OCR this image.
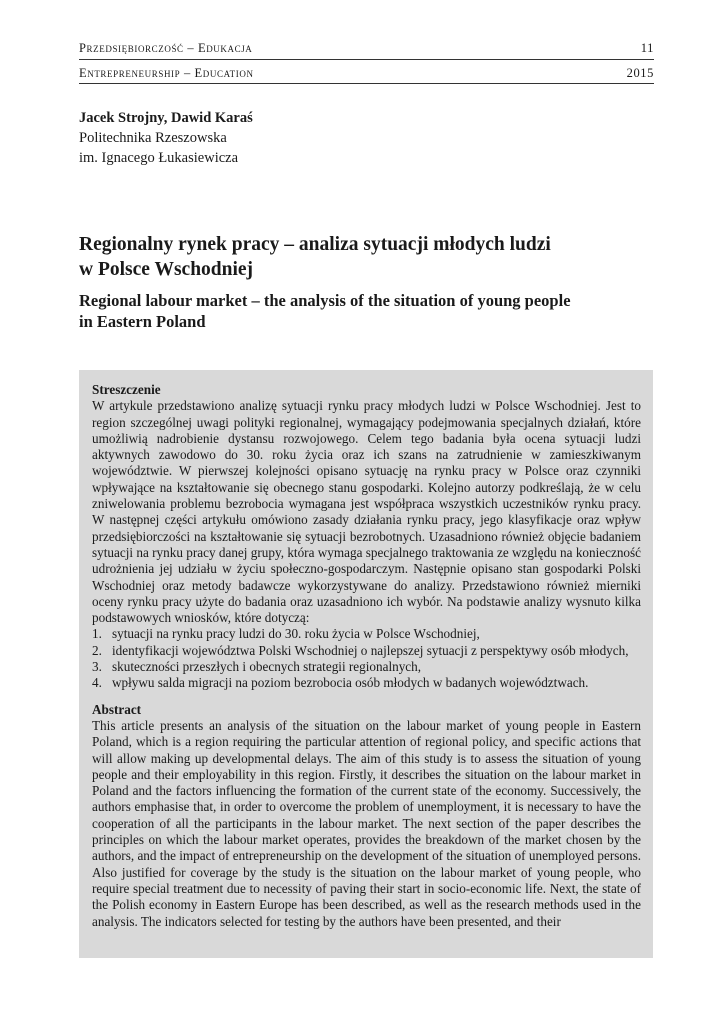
Przedsiębiorczość – Edukacja	11
Entrepreneurship – Education	2015
Jacek Strojny, Dawid Karaś
Politechnika Rzeszowska
im. Ignacego Łukasiewicza
Regionalny rynek pracy – analiza sytuacji młodych ludzi
w Polsce Wschodniej
Regional labour market – the analysis of the situation of young people
in Eastern Poland
Streszczenie

W artykule przedstawiono analizę sytuacji rynku pracy młodych ludzi w Polsce Wschodniej. Jest to region szczególnej uwagi polityki regionalnej, wymagający podejmowania specjalnych działań, które umożliwią nadrobienie dystansu rozwojowego. Celem tego badania była ocena sytuacji ludzi aktywnych zawodowo do 30. roku życia oraz ich szans na zatrudnienie w zamieszkiwanym województwie. W pierwszej kolejności opisano sytuację na rynku pracy w Polsce oraz czynniki wpływające na kształtowanie się obecnego stanu gospodarki. Kolejno autorzy podkreślają, że w celu zniwelowania problemu bezrobocia wymagana jest współpraca wszystkich uczestników rynku pracy. W następnej części artykułu omówiono zasady działania rynku pracy, jego klasyfikacje oraz wpływ przedsiębiorczości na kształtowanie się sytuacji bezrobotnych. Uzasadniono również objęcie badaniem sytuacji na rynku pracy danej grupy, która wymaga specjalnego traktowania ze względu na konieczność udrożnienia jej udziału w życiu społeczno-gospodarczym. Następnie opisano stan gospodarki Polski Wschodniej oraz metody badawcze wykorzystywane do analizy. Przedstawiono również mierniki oceny rynku pracy użyte do badania oraz uzasadniono ich wybór. Na podstawie analizy wysnuto kilka podstawowych wniosków, które dotyczą:

1. sytuacji na rynku pracy ludzi do 30. roku życia w Polsce Wschodniej,
2. identyfikacji województwa Polski Wschodniej o najlepszej sytuacji z perspektywy osób młodych,
3. skuteczności przeszłych i obecnych strategii regionalnych,
4. wpływu salda migracji na poziom bezrobocia osób młodych w badanych województwach.
Abstract

This article presents an analysis of the situation on the labour market of young people in Eastern Poland, which is a region requiring the particular attention of regional policy, and specific actions that will allow making up developmental delays. The aim of this study is to assess the situation of young people and their employability in this region. Firstly, it describes the situation on the labour market in Poland and the factors influencing the formation of the current state of the economy. Successively, the authors emphasise that, in order to overcome the problem of unemployment, it is necessary to have the cooperation of all the participants in the labour market. The next section of the paper describes the principles on which the labour market operates, provides the breakdown of the market chosen by the authors, and the impact of entrepreneurship on the development of the situation of unemployed persons. Also justified for coverage by the study is the situation on the labour market of young people, who require special treatment due to necessity of paving their start in socio-economic life. Next, the state of the Polish economy in Eastern Europe has been described, as well as the research methods used in the analysis. The indicators selected for testing by the authors have been presented, and their
